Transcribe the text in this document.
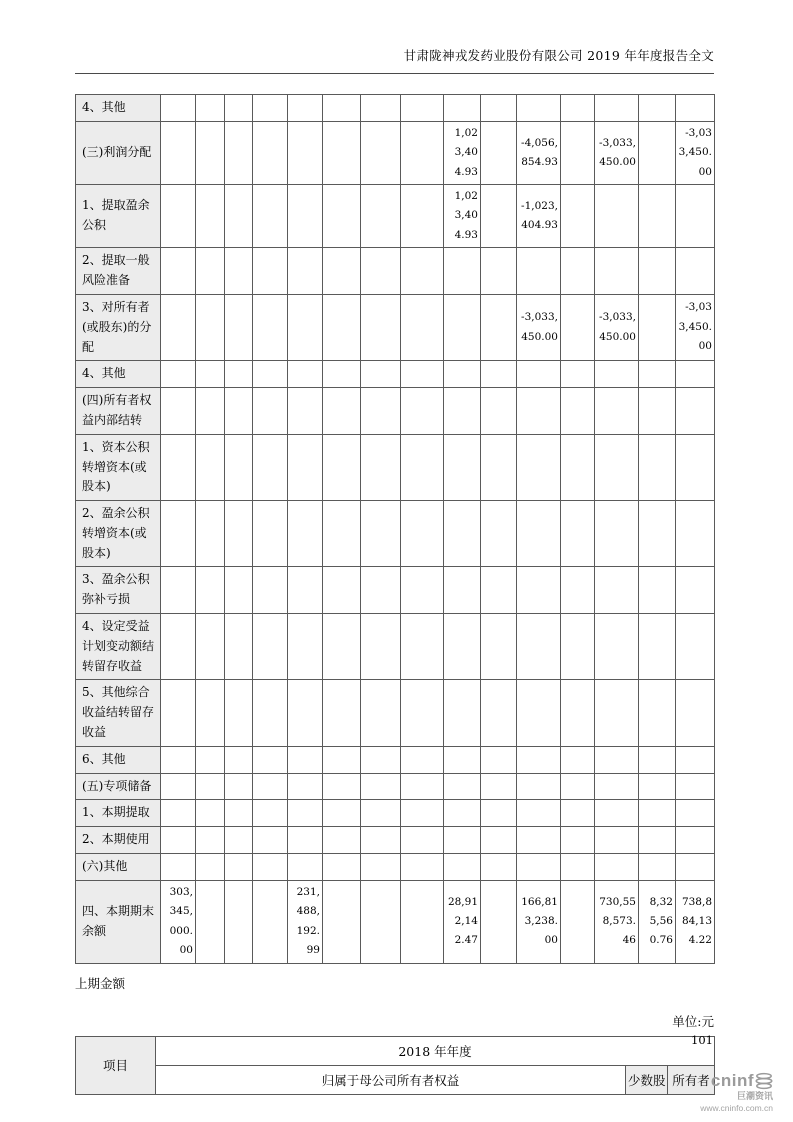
甘肃陇神戎发药业股份有限公司 2019 年年度报告全文
4、其他															
(三)利润分配									1,023,404.93		-4,056,854.93		-3,033,450.00		-3,033,450.00
1、提取盈余公积									1,023,404.93		-1,023,404.93				
2、提取一般风险准备															
3、对所有者(或股东)的分配											-3,033,450.00		-3,033,450.00		-3,033,450.00
4、其他															
(四)所有者权益内部结转															
1、资本公积转增资本(或股本)															
2、盈余公积转增资本(或股本)															
3、盈余公积弥补亏损															
4、设定受益计划变动额结转留存收益															
5、其他综合收益结转留存收益															
6、其他															
(五)专项储备															
1、本期提取															
2、本期使用															
(六)其他															
四、本期期末余额	303,345,000.00				231,488,192.99				28,912,142.47		166,813,238.00		730,558,573.46	8,325,560.76	738,884,134.22
上期金额
单位:元
项目	2018 年年度		
	归属于母公司所有者权益	少数股	所有者
101
cninf
巨潮资讯
www.cninfo.com.cn
